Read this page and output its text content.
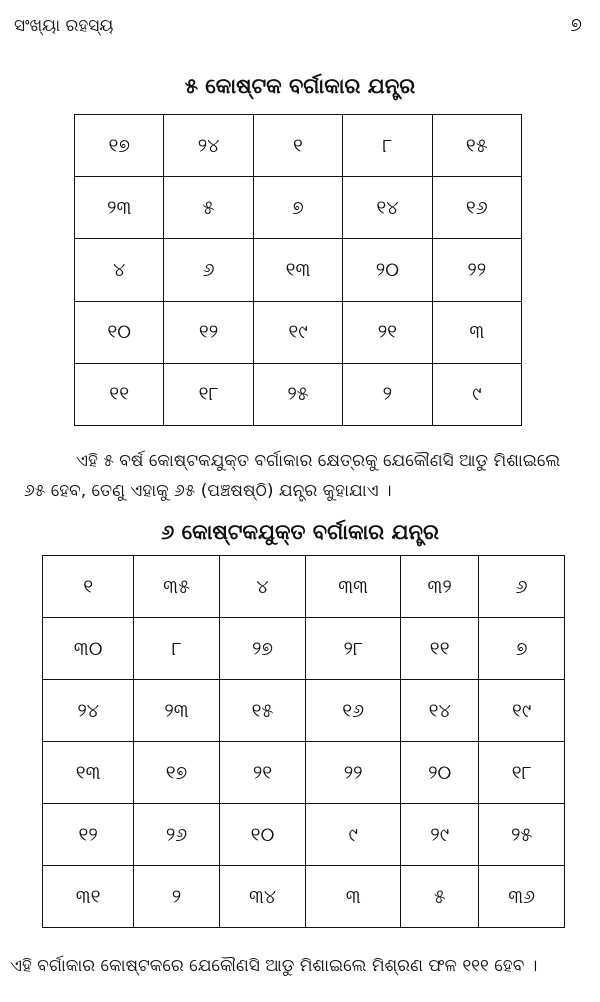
ସଂଖ୍ୟା ରହସ୍ୟ	୭
୫ କୋଷ୍ଟକ ବର୍ଗାକାର ଯନ୍ତ୍ର
୧୭	୨୪	୧	୮	୧୫
୨୩	୫	୭	୧୪	୧୬
୪	୬	୧୩	୨୦	୨୨
୧୦	୧୨	୧୯	୨୧	୩
୧୧	୧୮	୨୫	୨	୯
ଏହି ୫ ବର୍ଷ କୋଷ୍ଟକଯୁକ୍ତ ବର୍ଗାକାର କ୍ଷେତ୍ରକୁ ଯେକୌଣସି ଆଡୁ ମିଶାଇଲେ ୬୫ ହେବ, ତେଣୁ ଏହାକୁ ୬୫ (ପଞ୍ଚଷଷ୍ଠି) ଯନ୍ତ୍ର କୁହାଯାଏ ।
୬ କୋଷ୍ଟକଯୁକ୍ତ ବର୍ଗାକାର ଯନ୍ତ୍ର
୧	୩୫	୪	୩୩	୩୨	୬
୩୦	୮	୨୭	୨୮	୧୧	୭
୨୪	୨୩	୧୫	୧୬	୧୪	୧୯
୧୩	୧୭	୨୧	୨୨	୨୦	୧୮
୧୨	୨୬	୧୦	୯	୨୯	୨୫
୩୧	୨	୩୪	୩	୫	୩୬
ଏହି ବର୍ଗାକାର କୋଷ୍ଟକରେ ଯେକୌଣସି ଆଡୁ ମିଶାଇଲେ ମିଶ୍ରଣ ଫଳ ୧୧୧ ହେବ ।
